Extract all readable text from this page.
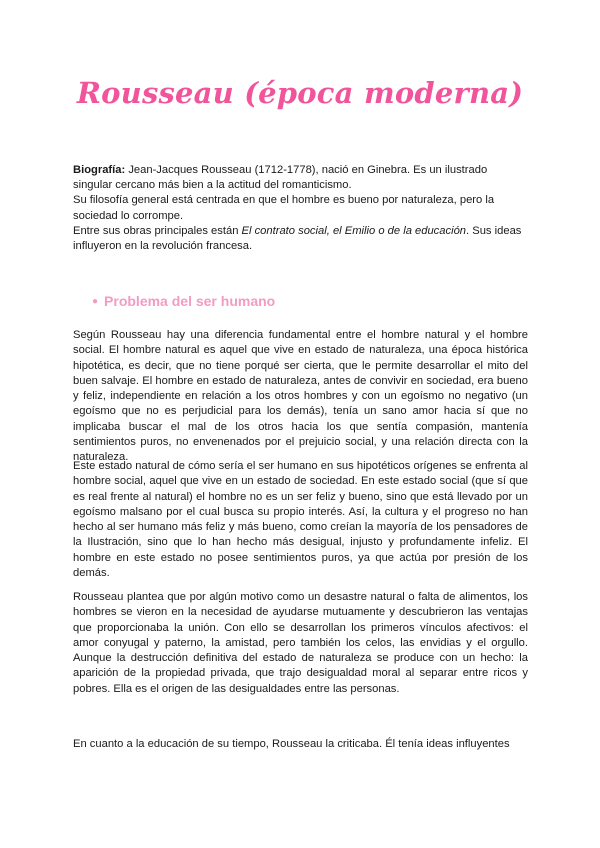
Rousseau (época moderna)

Biografía: Jean-Jacques Rousseau (1712-1778), nació en Ginebra. Es un ilustrado singular cercano más bien a la actitud del romanticismo.

Su filosofía general está centrada en que el hombre es bueno por naturaleza, pero la sociedad lo corrompe.

Entre sus obras principales están El contrato social, el Emilio o de la educación. Sus ideas influyeron en la revolución francesa.

● Problema del ser humano

Según Rousseau hay una diferencia fundamental entre el hombre natural y el hombre social. El hombre natural es aquel que vive en estado de naturaleza, una época histórica hipotética, es decir, que no tiene porqué ser cierta, que le permite desarrollar el mito del buen salvaje. El hombre en estado de naturaleza, antes de convivir en sociedad, era bueno y feliz, independiente en relación a los otros hombres y con un egoísmo no negativo (un egoísmo que no es perjudicial para los demás), tenía un sano amor hacia sí que no implicaba buscar el mal de los otros hacia los que sentía compasión, mantenía sentimientos puros, no envenenados por el prejuicio social, y una relación directa con la naturaleza.

Este estado natural de cómo sería el ser humano en sus hipotéticos orígenes se enfrenta al hombre social, aquel que vive en un estado de sociedad. En este estado social (que sí que es real frente al natural) el hombre no es un ser feliz y bueno, sino que está llevado por un egoísmo malsano por el cual busca su propio interés. Así, la cultura y el progreso no han hecho al ser humano más feliz y más bueno, como creían la mayoría de los pensadores de la Ilustración, sino que lo han hecho más desigual, injusto y profundamente infeliz. El hombre en este estado no posee sentimientos puros, ya que actúa por presión de los demás.

Rousseau plantea que por algún motivo como un desastre natural o falta de alimentos, los hombres se vieron en la necesidad de ayudarse mutuamente y descubrieron las ventajas que proporcionaba la unión. Con ello se desarrollan los primeros vínculos afectivos: el amor conyugal y paterno, la amistad, pero también los celos, las envidias y el orgullo. Aunque la destrucción definitiva del estado de naturaleza se produce con un hecho: la aparición de la propiedad privada, que trajo desigualdad moral al separar entre ricos y pobres. Ella es el origen de las desigualdades entre las personas.

En cuanto a la educación de su tiempo, Rousseau la criticaba. Él tenía ideas influyentes
